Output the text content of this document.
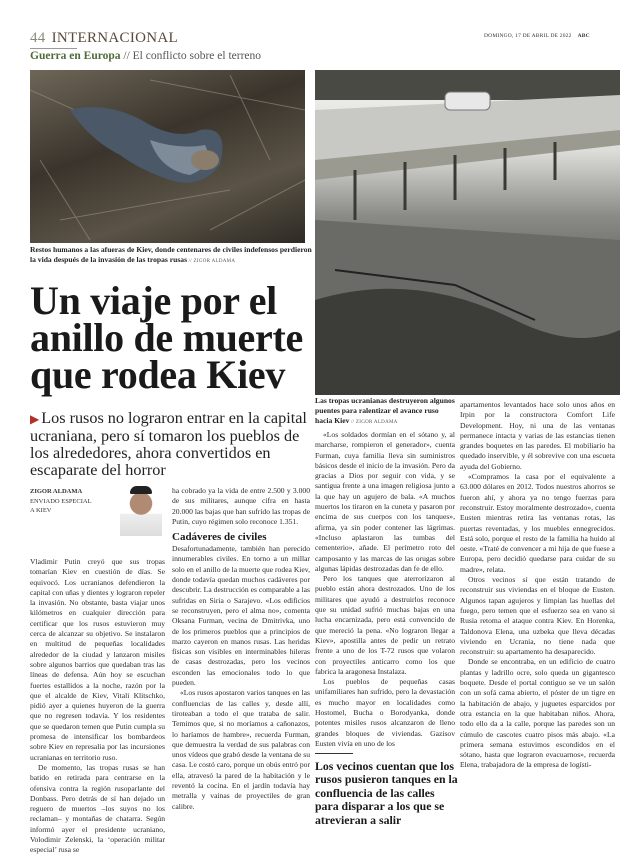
44 INTERNACIONAL
Guerra en Europa // El conflicto sobre el terreno
DOMINGO, 17 DE ABRIL DE 2022 ABC
Restos humanos a las afueras de Kiev, donde centenares de civiles indefensos perdieron la vida después de la invasión de las tropas rusas // ZIGOR ALDAMA
Las tropas ucranianas destruyeron algunos puentes para ralentizar el avance ruso hacia Kiev // ZIGOR ALDAMA
Un viaje por el anillo de muerte que rodea Kiev
▶ Los rusos no lograron entrar en la capital ucraniana, pero sí tomaron los pueblos de los alrededores, ahora convertidos en escaparate del horror
ZIGOR ALDAMA
ENVIADO ESPECIAL
A KIEV

Vladimir Putin creyó que sus tropas tomarían Kiev en cuestión de días. Se equivocó. Los ucranianos defendieron la capital con uñas y dientes y lograron repeler la invasión. No obstante, basta viajar unos kilómetros en cualquier dirección para certificar que los rusos estuvieron muy cerca de alcanzar su objetivo. Se instalaron en multitud de pequeñas localidades alrededor de la ciudad y lanzaron misiles sobre algunos barrios que quedaban tras las líneas de defensa. Aún hoy se escuchan fuertes estallidos a la noche, razón por la que el alcalde de Kiev, Vitali Klitschko, pidió ayer a quienes huyeron de la guerra que no regresen todavía. Y los residentes que se quedaron temen que Putin cumpla su promesa de intensificar los bombardeos sobre Kiev en represalia por las incursiones ucranianas en territorio ruso.

De momento, las tropas rusas se han batido en retirada para centrarse en la ofensiva contra la región rusoparlante del Donbass. Pero detrás de sí han dejado un reguero de muertos –los suyos no los reclaman– y montañas de chatarra. Según informó ayer el presidente ucraniano, Volodimir Zelenski, la ‘operación militar especial’ rusa se

ha cobrado ya la vida de entre 2.500 y 3.000 de sus militares, aunque cifra en hasta 20.000 las bajas que han sufrido las tropas de Putin, cuyo régimen solo reconoce 1.351.

Cadáveres de civiles

Desafortunadamente, también han perecido innumerables civiles. En torno a un millar solo en el anillo de la muerte que rodea Kiev, donde todavía quedan muchos cadáveres por descubrir. La destrucción es comparable a las sufridas en Siria o Sarajevo. «Los edificios se reconstruyen, pero el alma no», comenta Oksana Furman, vecina de Dmitrivka, uno de los primeros pueblos que a principios de marzo cayeron en manos rusas. Las heridas físicas son visibles en interminables hileras de casas destrozadas, pero los vecinos esconden las emocionales todo lo que pueden.

«Los rusos apostaron varios tanques en las confluencias de las calles y, desde allí, tiroteaban a todo el que trataba de salir. Temimos que, si no moríamos a cañonazos, lo haríamos de hambre», recuerda Furman, que demuestra la verdad de sus palabras con unos vídeos que grabó desde la ventana de su casa. Le costó caro, porque un obús entró por ella, atravesó la pared de la habitación y le reventó la cocina. En el jardín todavía hay metralla y vainas de proyectiles de gran calibre.

«Los soldados dormían en el sótano y, al marcharse, rompieron el generador», cuenta Furman, cuya familia lleva sin suministros básicos desde el inicio de la invasión. Pero da gracias a Dios por seguir con vida, y se santigua frente a una imagen religiosa junto a la que hay un agujero de bala. «A muchos muertos los tiraron en la cuneta y pasaron por encima de sus cuerpos con los tanques», afirma, ya sin poder contener las lágrimas. «Incluso aplastaron las tumbas del cementerio», añade. El perímetro roto del camposanto y las marcas de las orugas sobre algunas lápidas destrozadas dan fe de ello.

Pero los tanques que aterrorizaron al pueblo están ahora destrozados. Uno de los militares que ayudó a destruirlos reconoce que su unidad sufrió muchas bajas en una lucha encarnizada, pero está convencido de que mereció la pena. «No lograron llegar a Kiev», apostilla antes de pedir un retrato frente a uno de los T-72 rusos que volaron con proyectiles anticarro como los que fabrica la aragonesa Instalaza.

Los pueblos de pequeñas casas unifamiliares han sufrido, pero la devastación es mucho mayor en localidades como Hostomel, Bucha o Borodyanka, donde potentes misiles rusos alcanzaron de lleno grandes bloques de viviendas. Gazisov Eusten vivía en uno de los

apartamentos levantados hace solo unos años en Irpin por la constructora Comfort Life Development. Hoy, ni una de las ventanas permanece intacta y varias de las estancias tienen grandes boquetes en las paredes. El mobiliario ha quedado inservible, y él sobrevive con una escueta ayuda del Gobierno.

«Compramos la casa por el equivalente a 63.000 dólares en 2012. Todos nuestros ahorros se fueron ahí, y ahora ya no tengo fuerzas para reconstruir. Estoy moralmente destrozado», cuenta Eusten mientras retira las ventanas rotas, las puertas reventadas, y los muebles ennegrecidos. Está solo, porque el resto de la familia ha huido al oeste. «Traté de convencer a mi hija de que fuese a Europa, pero decidió quedarse para cuidar de su madre», relata.

Otros vecinos sí que están tratando de reconstruir sus viviendas en el bloque de Eusten. Algunos tapan agujeros y limpian las huellas del fuego, pero temen que el esfuerzo sea en vano si Rusia retoma el ataque contra Kiev. En Horenka, Taldonova Elena, una uzbeka que lleva décadas viviendo en Ucrania, no tiene nada que reconstruir: su apartamento ha desaparecido.

Donde se encontraba, en un edificio de cuatro plantas y ladrillo ocre, solo queda un gigantesco boquete. Desde el portal contiguo se ve un salón con un sofá cama abierto, el póster de un tigre en la habitación de abajo, y juguetes esparcidos por otra estancia en la que habitaban niños. Ahora, todo ello da a la calle, porque las paredes son un cúmulo de cascotes cuatro pisos más abajo. «La primera semana estuvimos escondidos en el sótano, hasta que lograron evacuarnos», recuerda Elena, trabajadora de la empresa de logísti-

Los vecinos cuentan que los rusos pusieron tanques en la confluencia de las calles para disparar a los que se atrevieran a salir
